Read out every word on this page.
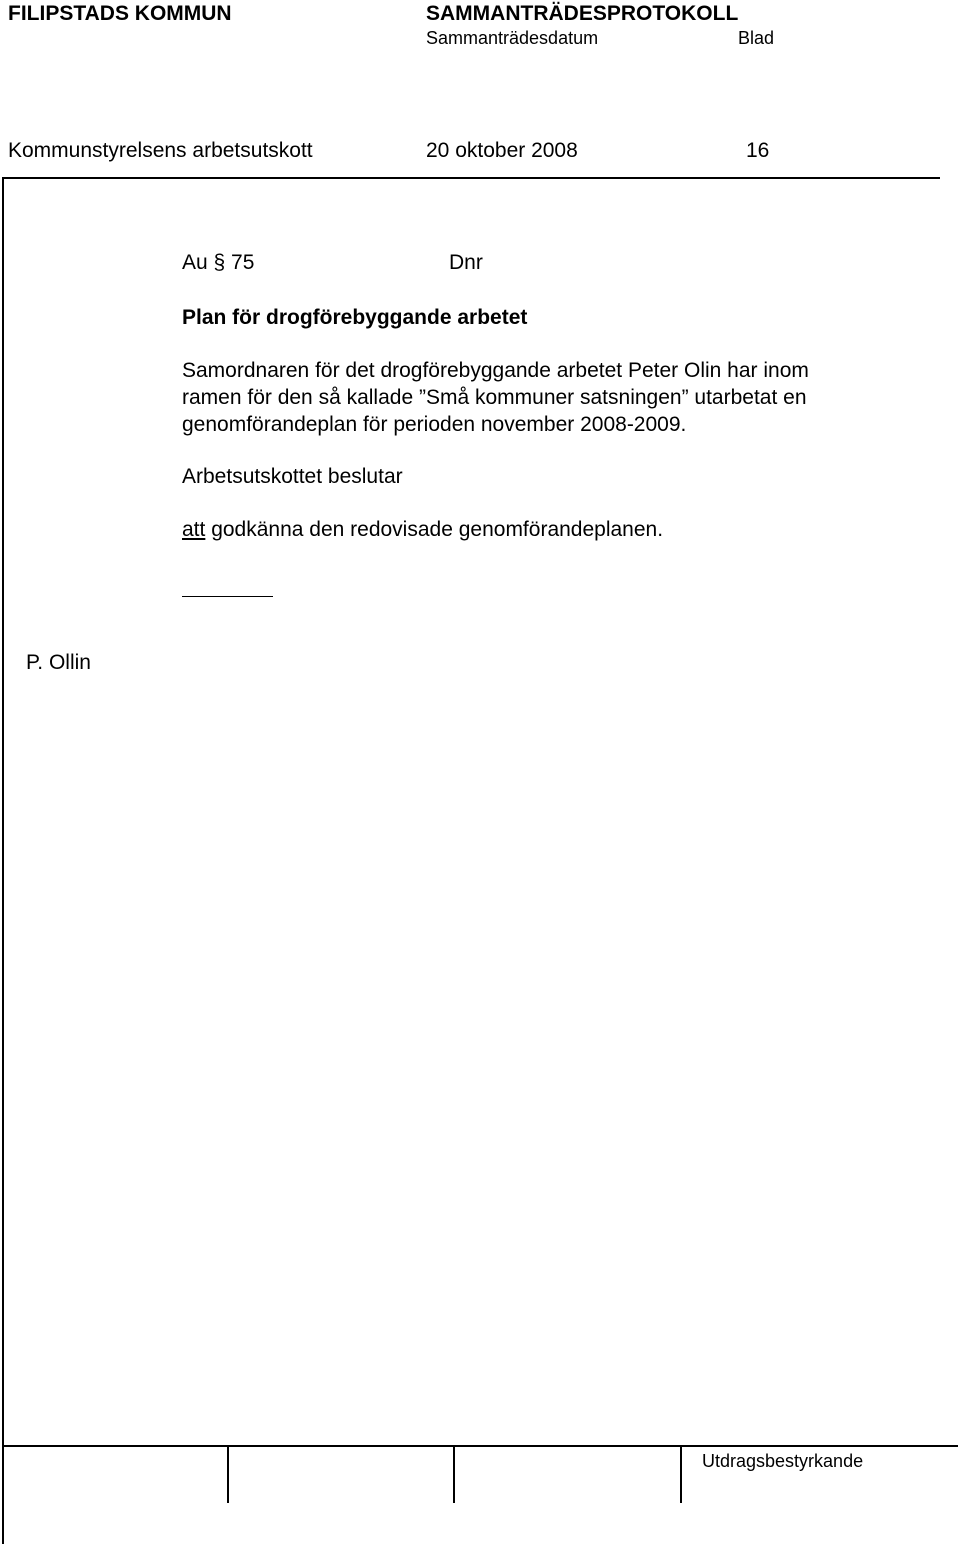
FILIPSTADS KOMMUN	SAMMANTRÄDESPROTOKOLL
Sammanträdesdatum	Blad
Kommunstyrelsens arbetsutskott	20 oktober 2008	16
Au § 75	Dnr
Plan för drogförebyggande arbetet
Samordnaren för det drogförebyggande arbetet Peter Olin har inom
ramen för den så kallade ”Små kommuner satsningen” utarbetat en
genomförandeplan för perioden november 2008-2009.
Arbetsutskottet beslutar
att godkänna den redovisade genomförandeplanen.
P. Ollin
Utdragsbestyrkande
